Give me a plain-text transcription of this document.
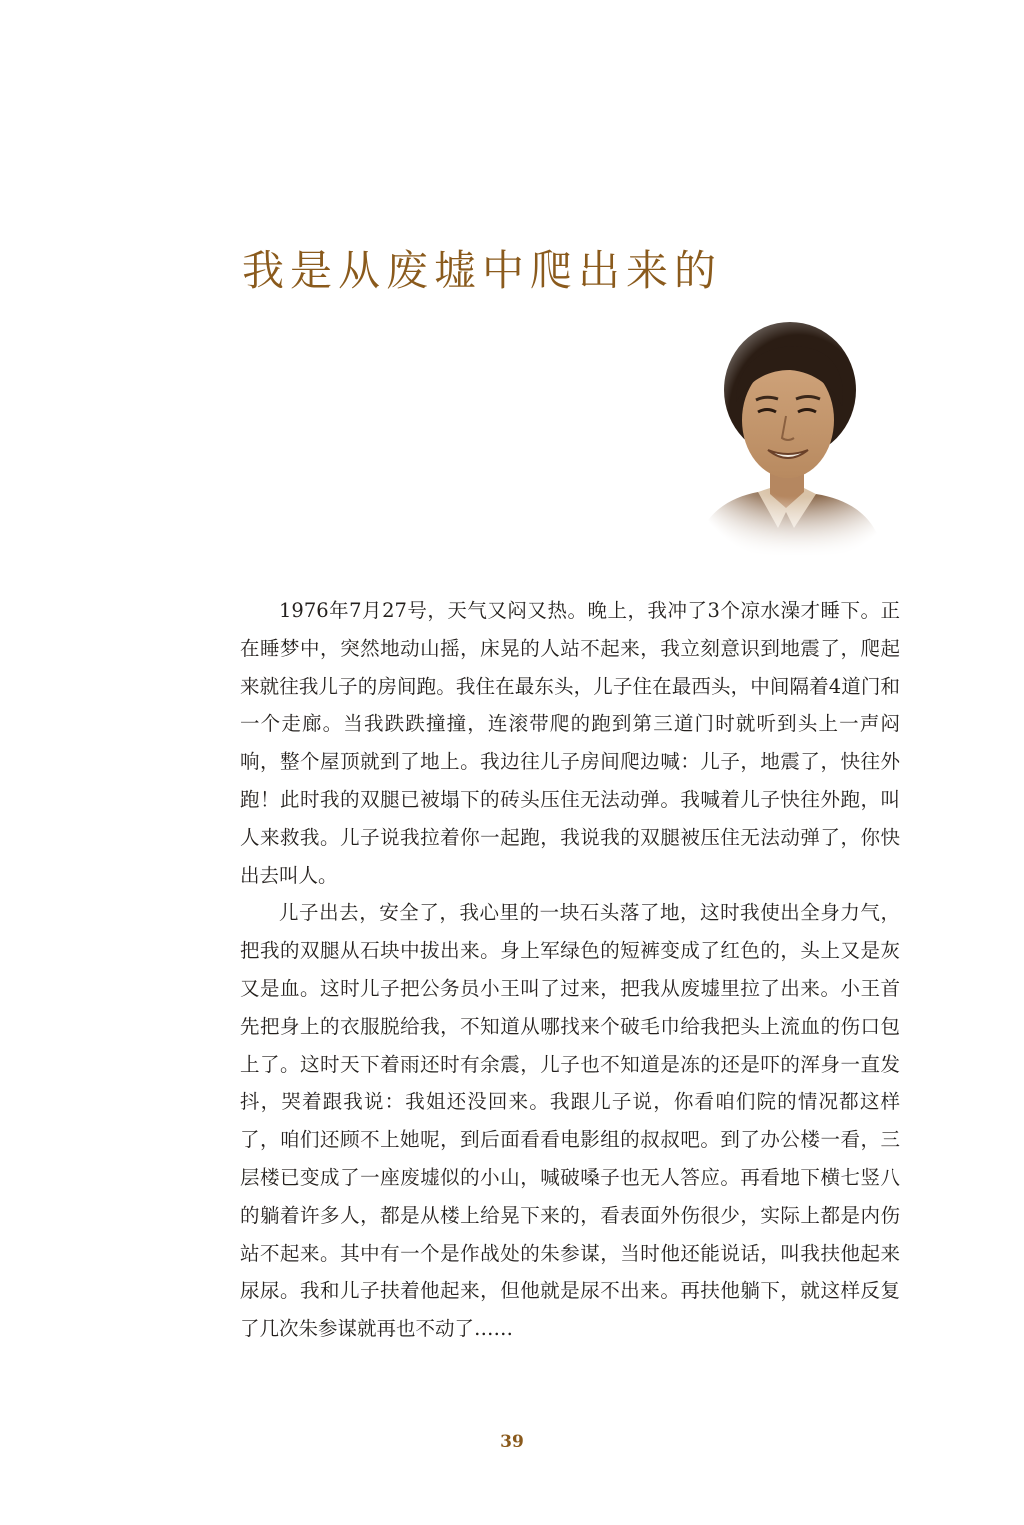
我是从废墟中爬出来的

1976年7月27号，天气又闷又热。晚上，我冲了3个凉水澡才睡下。正在睡梦中，突然地动山摇，床晃的人站不起来，我立刻意识到地震了，爬起来就往我儿子的房间跑。我住在最东头，儿子住在最西头，中间隔着4道门和一个走廊。当我跌跌撞撞，连滚带爬的跑到第三道门时就听到头上一声闷响，整个屋顶就到了地上。我边往儿子房间爬边喊：儿子，地震了，快往外跑！此时我的双腿已被塌下的砖头压住无法动弹。我喊着儿子快往外跑，叫人来救我。儿子说我拉着你一起跑，我说我的双腿被压住无法动弹了，你快出去叫人。

儿子出去，安全了，我心里的一块石头落了地，这时我使出全身力气，把我的双腿从石块中拔出来。身上军绿色的短裤变成了红色的，头上又是灰又是血。这时儿子把公务员小王叫了过来，把我从废墟里拉了出来。小王首先把身上的衣服脱给我，不知道从哪找来个破毛巾给我把头上流血的伤口包上了。这时天下着雨还时有余震，儿子也不知道是冻的还是吓的浑身一直发抖，哭着跟我说：我姐还没回来。我跟儿子说，你看咱们院的情况都这样了，咱们还顾不上她呢，到后面看看电影组的叔叔吧。到了办公楼一看，三层楼已变成了一座废墟似的小山，喊破嗓子也无人答应。再看地下横七竖八的躺着许多人，都是从楼上给晃下来的，看表面外伤很少，实际上都是内伤站不起来。其中有一个是作战处的朱参谋，当时他还能说话，叫我扶他起来尿尿。我和儿子扶着他起来，但他就是尿不出来。再扶他躺下，就这样反复了几次朱参谋就再也不动了……

39
